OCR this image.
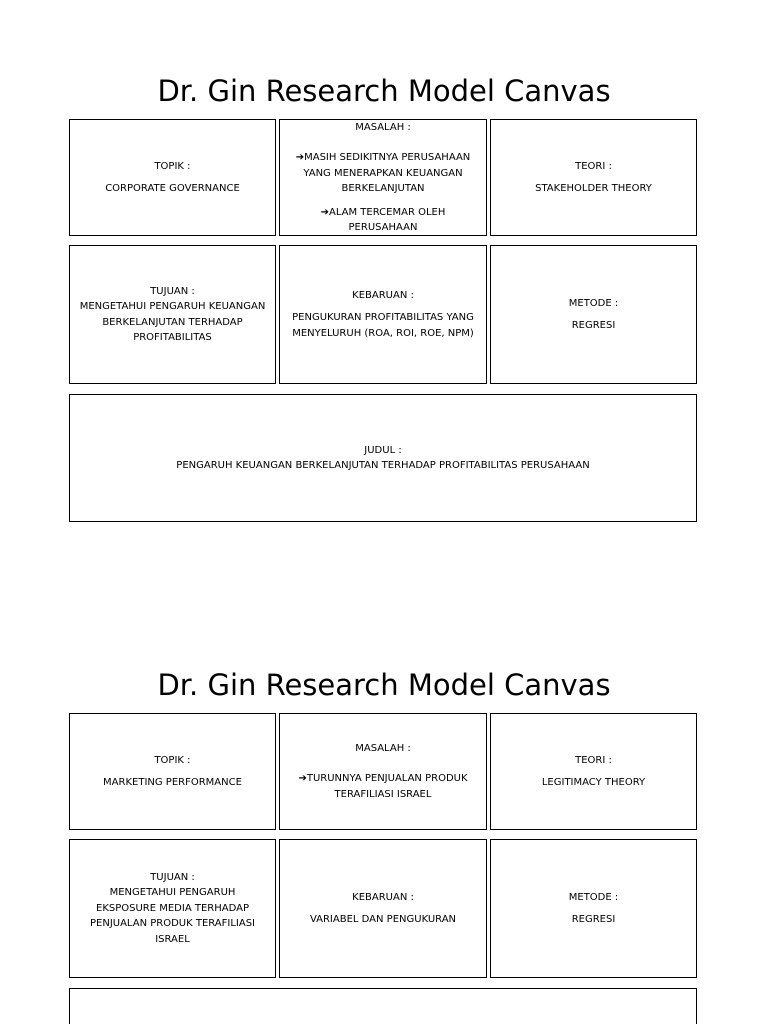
Dr. Gin Research Model Canvas
TOPIK :
CORPORATE GOVERNANCE
MASALAH :
➔MASIH SEDIKITNYA PERUSAHAAN YANG MENERAPKAN KEUANGAN BERKELANJUTAN
➔ALAM TERCEMAR OLEH PERUSAHAAN
TEORI :
STAKEHOLDER THEORY
TUJUAN :
MENGETAHUI PENGARUH KEUANGAN BERKELANJUTAN TERHADAP PROFITABILITAS
KEBARUAN :
PENGUKURAN PROFITABILITAS YANG MENYELURUH (ROA, ROI, ROE, NPM)
METODE :
REGRESI
JUDUL :
PENGARUH KEUANGAN BERKELANJUTAN TERHADAP PROFITABILITAS PERUSAHAAN
Dr. Gin Research Model Canvas
TOPIK :
MARKETING PERFORMANCE
MASALAH :
➔TURUNNYA PENJUALAN PRODUK TERAFILIASI ISRAEL
TEORI :
LEGITIMACY THEORY
TUJUAN :
MENGETAHUI PENGARUH EKSPOSURE MEDIA TERHADAP PENJUALAN PRODUK TERAFILIASI ISRAEL
KEBARUAN :
VARIABEL DAN PENGUKURAN
METODE :
REGRESI
